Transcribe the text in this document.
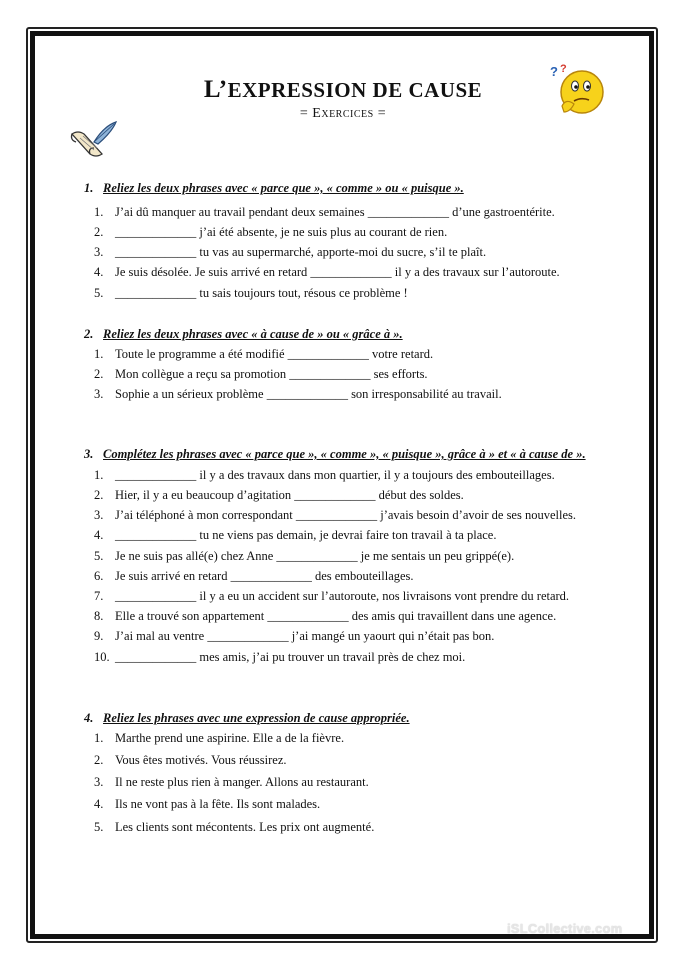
L’EXPRESSION DE CAUSE
= Exercices =
? ?
1. Reliez les deux phrases avec « parce que », « comme » ou « puisque ».
1. J’ai dû manquer au travail pendant deux semaines _____________ d’une gastroentérite.
2. _____________ j’ai été absente, je ne suis plus au courant de rien.
3. _____________ tu vas au supermarché, apporte-moi du sucre, s’il te plaît.
4. Je suis désolée. Je suis arrivé en retard _____________ il y a des travaux sur l’autoroute.
5. _____________ tu sais toujours tout, résous ce problème !
2. Reliez les deux phrases avec « à cause de » ou « grâce à ».
1. Toute le programme a été modifié _____________ votre retard.
2. Mon collègue a reçu sa promotion _____________ ses efforts.
3. Sophie a un sérieux problème _____________ son irresponsabilité au travail.
3. Complétez les phrases avec « parce que », « comme », « puisque », grâce à » et « à cause de ».
1. _____________ il y a des travaux dans mon quartier, il y a toujours des embouteillages.
2. Hier, il y a eu beaucoup d’agitation _____________ début des soldes.
3. J’ai téléphoné à mon correspondant _____________ j’avais besoin d’avoir de ses nouvelles.
4. _____________ tu ne viens pas demain, je devrai faire ton travail à ta place.
5. Je ne suis pas allé(e) chez Anne _____________ je me sentais un peu grippé(e).
6. Je suis arrivé en retard _____________ des embouteillages.
7. _____________ il y a eu un accident sur l’autoroute, nos livraisons vont prendre du retard.
8. Elle a trouvé son appartement _____________ des amis qui travaillent dans une agence.
9. J’ai mal au ventre _____________ j’ai mangé un yaourt qui n’était pas bon.
10. _____________ mes amis, j’ai pu trouver un travail près de chez moi.
4. Reliez les phrases avec une expression de cause appropriée.
1. Marthe prend une aspirine. Elle a de la fièvre.
2. Vous êtes motivés. Vous réussirez.
3. Il ne reste plus rien à manger. Allons au restaurant.
4. Ils ne vont pas à la fête. Ils sont malades.
5. Les clients sont mécontents. Les prix ont augmenté.
iSLCollective.com
